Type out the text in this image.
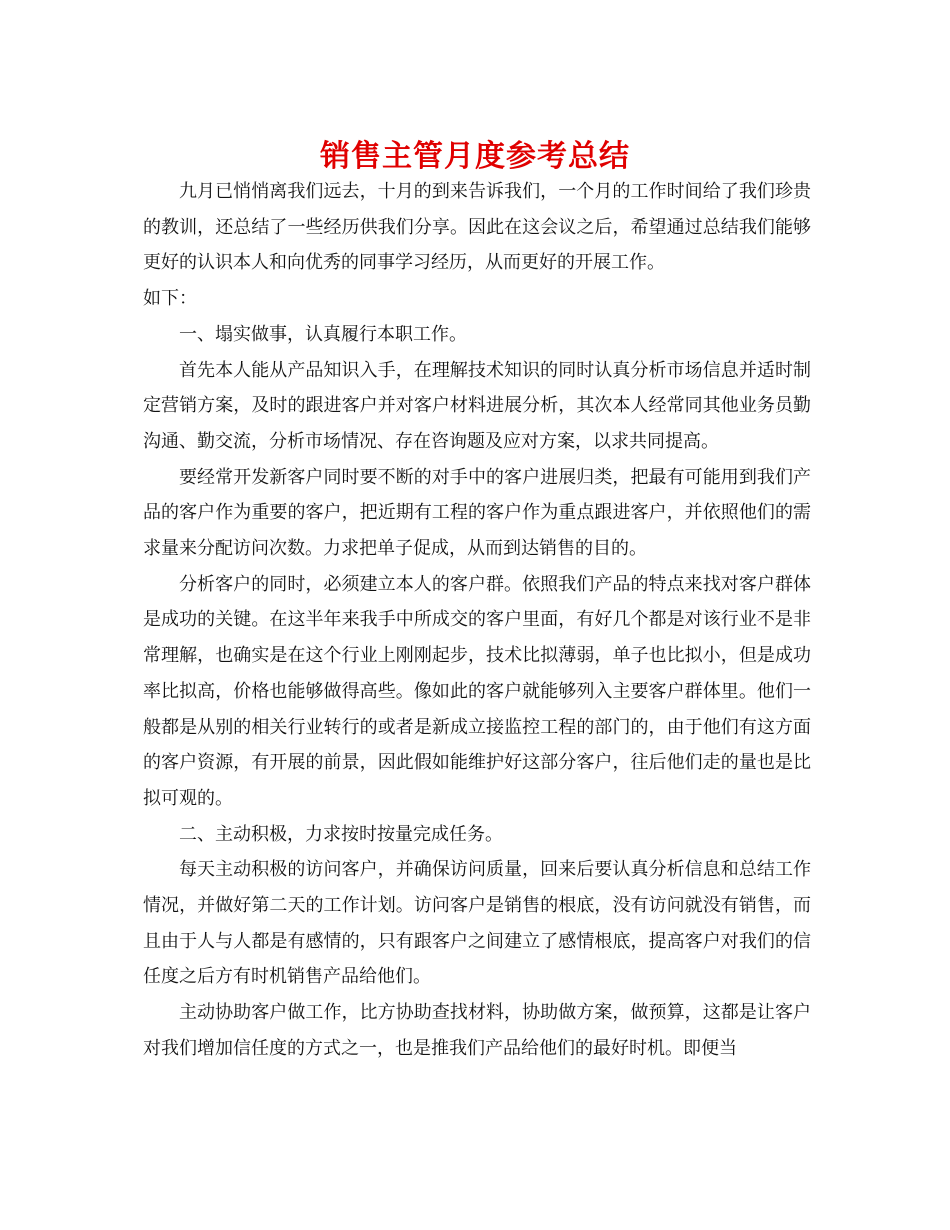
销售主管月度参考总结

九月已悄悄离我们远去，十月的到来告诉我们，一个月的工作时间给了我们珍贵的教训，还总结了一些经历供我们分享。因此在这会议之后，希望通过总结我们能够更好的认识本人和向优秀的同事学习经历，从而更好的开展工作。

如下：

一、塌实做事，认真履行本职工作。

首先本人能从产品知识入手，在理解技术知识的同时认真分析市场信息并适时制定营销方案，及时的跟进客户并对客户材料进展分析，其次本人经常同其他业务员勤沟通、勤交流，分析市场情况、存在咨询题及应对方案，以求共同提高。

要经常开发新客户同时要不断的对手中的客户进展归类，把最有可能用到我们产品的客户作为重要的客户，把近期有工程的客户作为重点跟进客户，并依照他们的需求量来分配访问次数。力求把单子促成，从而到达销售的目的。

分析客户的同时，必须建立本人的客户群。依照我们产品的特点来找对客户群体是成功的关键。在这半年来我手中所成交的客户里面，有好几个都是对该行业不是非常理解，也确实是在这个行业上刚刚起步，技术比拟薄弱，单子也比拟小，但是成功率比拟高，价格也能够做得高些。像如此的客户就能够列入主要客户群体里。他们一般都是从别的相关行业转行的或者是新成立接监控工程的部门的，由于他们有这方面的客户资源，有开展的前景，因此假如能维护好这部分客户，往后他们走的量也是比拟可观的。

二、主动积极，力求按时按量完成任务。

每天主动积极的访问客户，并确保访问质量，回来后要认真分析信息和总结工作情况，并做好第二天的工作计划。访问客户是销售的根底，没有访问就没有销售，而且由于人与人都是有感情的，只有跟客户之间建立了感情根底，提高客户对我们的信任度之后方有时机销售产品给他们。

主动协助客户做工作，比方协助查找材料，协助做方案，做预算，这都是让客户对我们增加信任度的方式之一，也是推我们产品给他们的最好时机。即便当
